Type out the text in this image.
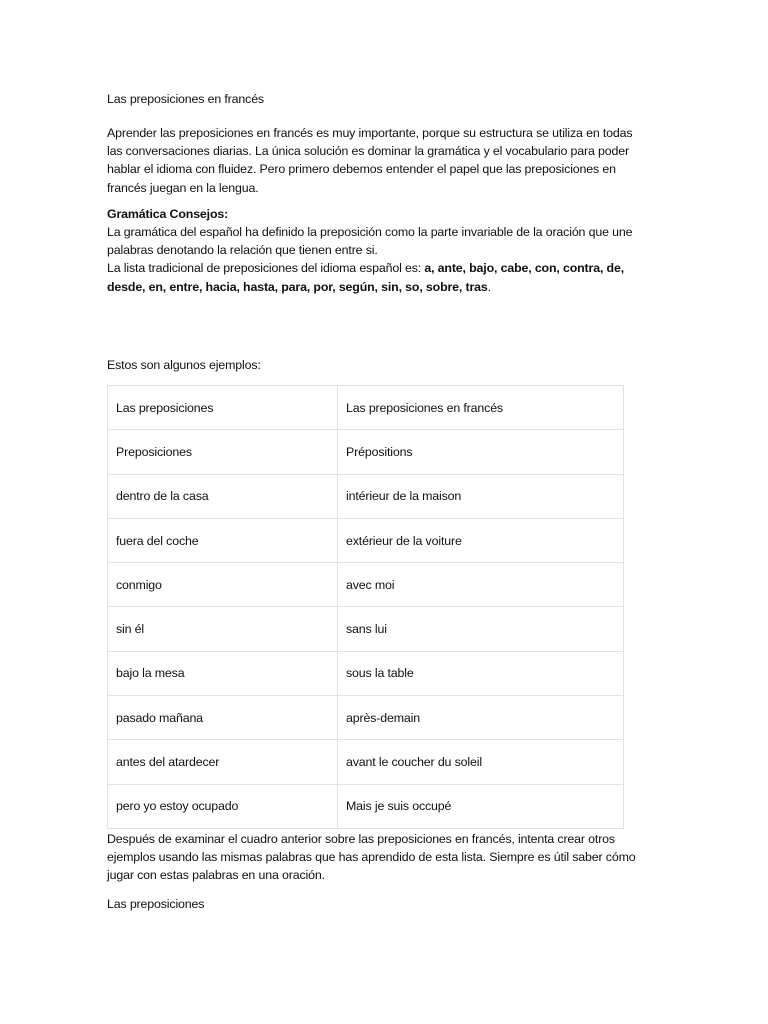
Las preposiciones en francés

Aprender las preposiciones en francés es muy importante, porque su estructura se utiliza en todas las conversaciones diarias. La única solución es dominar la gramática y el vocabulario para poder hablar el idioma con fluidez. Pero primero debemos entender el papel que las preposiciones en francés juegan en la lengua.

Gramática Consejos:
La gramática del español ha definido la preposición como la parte invariable de la oración que une palabras denotando la relación que tienen entre si.
La lista tradicional de preposiciones del idioma español es: a, ante, bajo, cabe, con, contra, de, desde, en, entre, hacia, hasta, para, por, según, sin, so, sobre, tras.

Estos son algunos ejemplos:

Las preposiciones	Las preposiciones en francés
Preposiciones	Prépositions
dentro de la casa	intérieur de la maison
fuera del coche	extérieur de la voiture
conmigo	avec moi
sin él	sans lui
bajo la mesa	sous la table
pasado mañana	après-demain
antes del atardecer	avant le coucher du soleil
pero yo estoy ocupado	Mais je suis occupé

Después de examinar el cuadro anterior sobre las preposiciones en francés, intenta crear otros ejemplos usando las mismas palabras que has aprendido de esta lista. Siempre es útil saber cómo jugar con estas palabras en una oración.

Las preposiciones
